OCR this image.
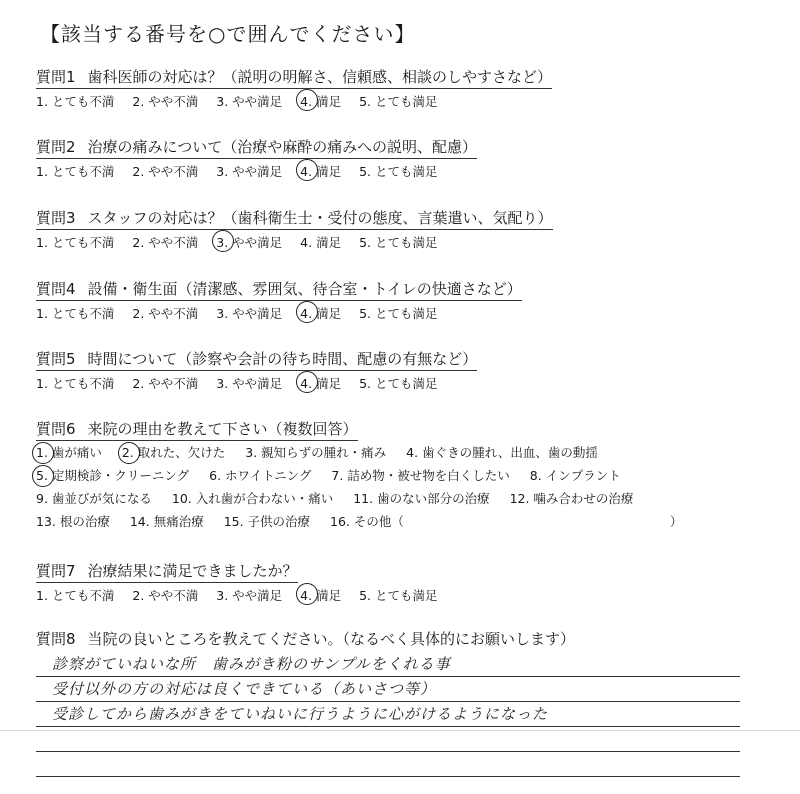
【該当する番号を○で囲んでください】
質問1 歯科医師の対応は？（説明の明解さ、信頼感、相談のしやすさなど）
1. とても不満 2. やや不満 3. やや満足 4. 満足 5. とても満足
質問2 治療の痛みについて（治療や麻酔の痛みへの説明、配慮）
1. とても不満 2. やや不満 3. やや満足 4. 満足 5. とても満足
質問3 スタッフの対応は？（歯科衛生士・受付の態度、言葉遣い、気配り）
1. とても不満 2. やや不満 3. やや満足 4. 満足 5. とても満足
質問4 設備・衛生面（清潔感、雰囲気、待合室・トイレの快適さなど）
1. とても不満 2. やや不満 3. やや満足 4. 満足 5. とても満足
質問5 時間について（診察や会計の待ち時間、配慮の有無など）
1. とても不満 2. やや不満 3. やや満足 4. 満足 5. とても満足
質問6 来院の理由を教えて下さい（複数回答）
1. 歯が痛い 2. 取れた、欠けた 3. 親知らずの腫れ・痛み 4. 歯ぐきの腫れ、出血、歯の動揺
5. 定期検診・クリーニング 6. ホワイトニング 7. 詰め物・被せ物を白くしたい 8. インプラント
9. 歯並びが気になる 10. 入れ歯が合わない・痛い 11. 歯のない部分の治療 12. 噛み合わせの治療
13. 根の治療 14. 無痛治療 15. 子供の治療 16. その他（	）
質問7 治療結果に満足できましたか？
1. とても不満 2. やや不満 3. やや満足 4. 満足 5. とても満足
質問8 当院の良いところを教えてください。（なるべく具体的にお願いします）
診察がていねいな所　歯みがき粉のサンプルをくれる事
受付以外の方の対応は良くできている（あいさつ等）
受診してから歯みがきをていねいに行うように心がけるようになった
